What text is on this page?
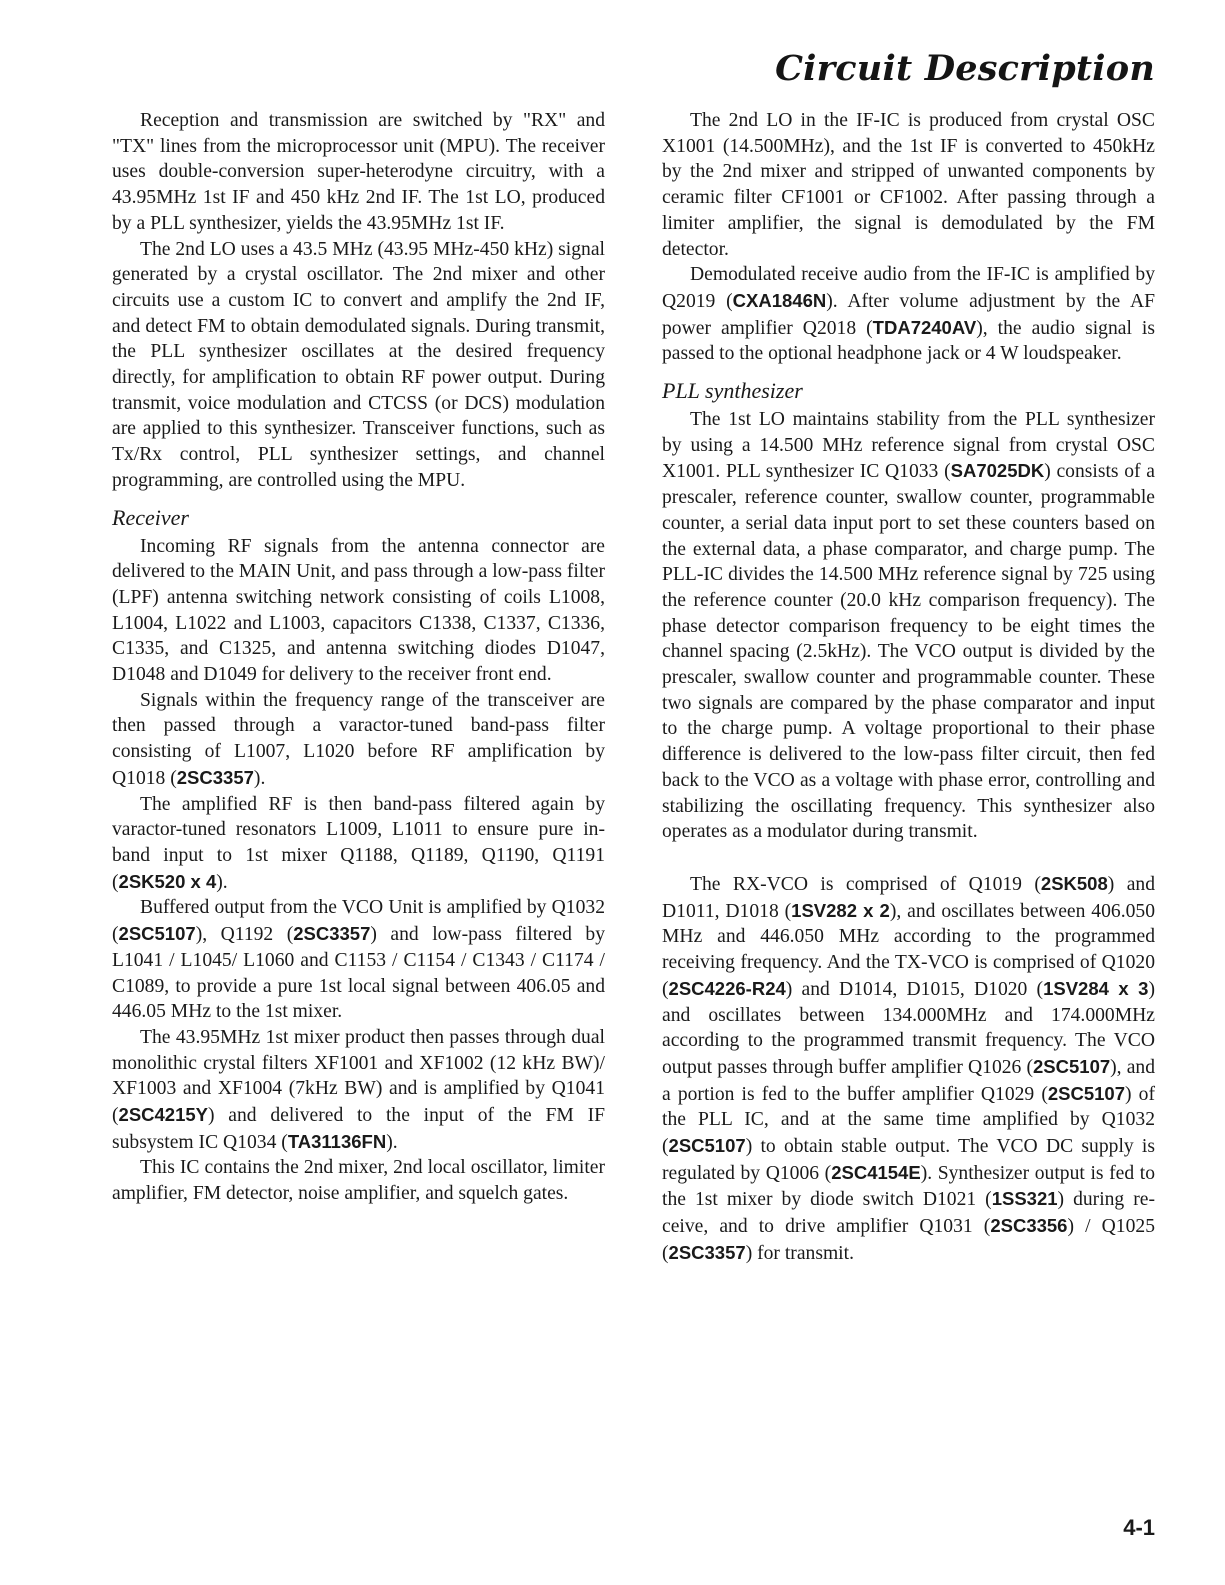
Circuit Description

Reception and transmission are switched by "RX" and "TX" lines from the microprocessor unit (MPU). The receiver uses double-conversion super-heterodyne circuitry, with a 43.95MHz 1st IF and 450 kHz 2nd IF. The 1st LO, produced by a PLL synthesizer, yields the 43.95MHz 1st IF.

The 2nd LO uses a 43.5 MHz (43.95 MHz-450 kHz) signal generated by a crystal oscillator. The 2nd mixer and other circuits use a custom IC to convert and amplify the 2nd IF, and detect FM to obtain demodulated signals. During transmit, the PLL synthesizer oscillates at the desired frequency directly, for amplification to obtain RF power output. During transmit, voice modulation and CTCSS (or DCS) modulation are applied to this synthesizer. Transceiver functions, such as Tx/Rx control, PLL synthesizer settings, and channel programming, are controlled using the MPU.

Receiver

Incoming RF signals from the antenna connector are delivered to the MAIN Unit, and pass through a low-pass filter (LPF) antenna switching network consisting of coils L1008, L1004, L1022 and L1003, capacitors C1338, C1337, C1336, C1335, and C1325, and antenna switching diodes D1047, D1048 and D1049 for delivery to the receiver front end.

Signals within the frequency range of the transceiver are then passed through a varactor-tuned band-pass filter consisting of L1007, L1020 before RF amplification by Q1018 (2SC3357).

The amplified RF is then band-pass filtered again by varactor-tuned resonators L1009, L1011 to ensure pure in-band input to 1st mixer Q1188, Q1189, Q1190, Q1191 (2SK520 x 4).

Buffered output from the VCO Unit is amplified by Q1032 (2SC5107), Q1192 (2SC3357) and low-pass filtered by L1041 / L1045/ L1060 and C1153 / C1154 / C1343 / C1174 / C1089, to provide a pure 1st local signal between 406.05 and 446.05 MHz to the 1st mixer.

The 43.95MHz 1st mixer product then passes through dual monolithic crystal filters XF1001 and XF1002 (12 kHz BW)/ XF1003 and XF1004 (7kHz BW) and is amplified by Q1041 (2SC4215Y) and delivered to the input of the FM IF subsystem IC Q1034 (TA31136FN).

This IC contains the 2nd mixer, 2nd local oscillator, limiter amplifier, FM detector, noise amplifier, and squelch gates.

The 2nd LO in the IF-IC is produced from crystal OSC X1001 (14.500MHz), and the 1st IF is converted to 450kHz by the 2nd mixer and stripped of unwanted components by ceramic filter CF1001 or CF1002. After passing through a limiter amplifier, the signal is demodulated by the FM detector.

Demodulated receive audio from the IF-IC is amplified by Q2019 (CXA1846N). After volume adjustment by the AF power amplifier Q2018 (TDA7240AV), the audio signal is passed to the optional headphone jack or 4 W loudspeaker.

PLL synthesizer

The 1st LO maintains stability from the PLL synthesizer by using a 14.500 MHz reference signal from crystal OSC X1001. PLL synthesizer IC Q1033 (SA7025DK) consists of a prescaler, reference counter, swallow counter, programmable counter, a serial data input port to set these counters based on the external data, a phase comparator, and charge pump. The PLL-IC divides the 14.500 MHz reference signal by 725 using the reference counter (20.0 kHz comparison frequency). The phase detector comparison frequency to be eight times the channel spacing (2.5kHz). The VCO output is divided by the prescaler, swallow counter and programmable counter. These two signals are compared by the phase comparator and input to the charge pump. A voltage proportional to their phase difference is delivered to the low-pass filter circuit, then fed back to the VCO as a voltage with phase error, controlling and stabilizing the oscillating frequency. This synthesizer also operates as a modulator during transmit.

The RX-VCO is comprised of Q1019 (2SK508) and D1011, D1018 (1SV282 x 2), and oscillates between 406.050 MHz and 446.050 MHz according to the programmed receiving frequency. And the TX-VCO is comprised of Q1020 (2SC4226-R24) and D1014, D1015, D1020 (1SV284 x 3) and oscillates between 134.000MHz and 174.000MHz according to the programmed transmit frequency. The VCO output passes through buffer amplifier Q1026 (2SC5107), and a portion is fed to the buffer amplifier Q1029 (2SC5107) of the PLL IC, and at the same time amplified by Q1032 (2SC5107) to obtain stable output. The VCO DC supply is regulated by Q1006 (2SC4154E). Synthesizer output is fed to the 1st mixer by diode switch D1021 (1SS321) during receive, and to drive amplifier Q1031 (2SC3356) / Q1025 (2SC3357) for transmit.

4-1
